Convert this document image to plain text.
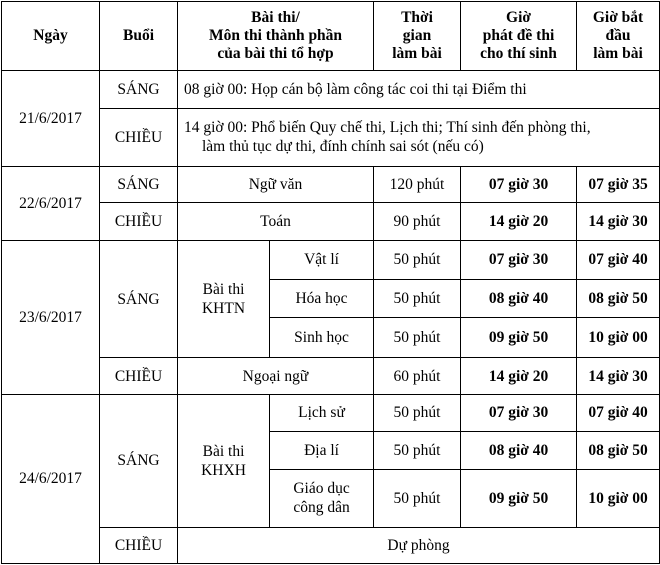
Ngày	Buổi	Bài thi/
Môn thi thành phần
của bài thi tổ hợp		Thời
gian
làm bài	Giờ
phát đề thi
cho thí sinh	Giờ bắt
đầu
làm bài

21/6/2017	SÁNG	08 giờ 00: Họp cán bộ làm công tác coi thi tại Điểm thi				
	CHIỀU	14 giờ 00: Phổ biến Quy chế thi, Lịch thi; Thí sinh đến phòng thi,
làm thủ tục dự thi, đính chính sai sót (nếu có)				

22/6/2017	SÁNG	Ngữ văn		120 phút	07 giờ 30	07 giờ 35
	CHIỀU	Toán		90 phút	14 giờ 20	14 giờ 30
23/6/2017	SÁNG	Bài thi
KHTN	Vật lí	50 phút	07 giờ 30	07 giờ 40
			Hóa học	50 phút	08 giờ 40	08 giờ 50
			Sinh học	50 phút	09 giờ 50	10 giờ 00
	CHIỀU	Ngoại ngữ		60 phút	14 giờ 20	14 giờ 30
24/6/2017	SÁNG	Bài thi
KHXH	Lịch sử	50 phút	07 giờ 30	07 giờ 40
			Địa lí	50 phút	08 giờ 40	08 giờ 50

			Giáo dục
công dân	50 phút	09 giờ 50	10 giờ 00
	CHIỀU	Dự phòng				
